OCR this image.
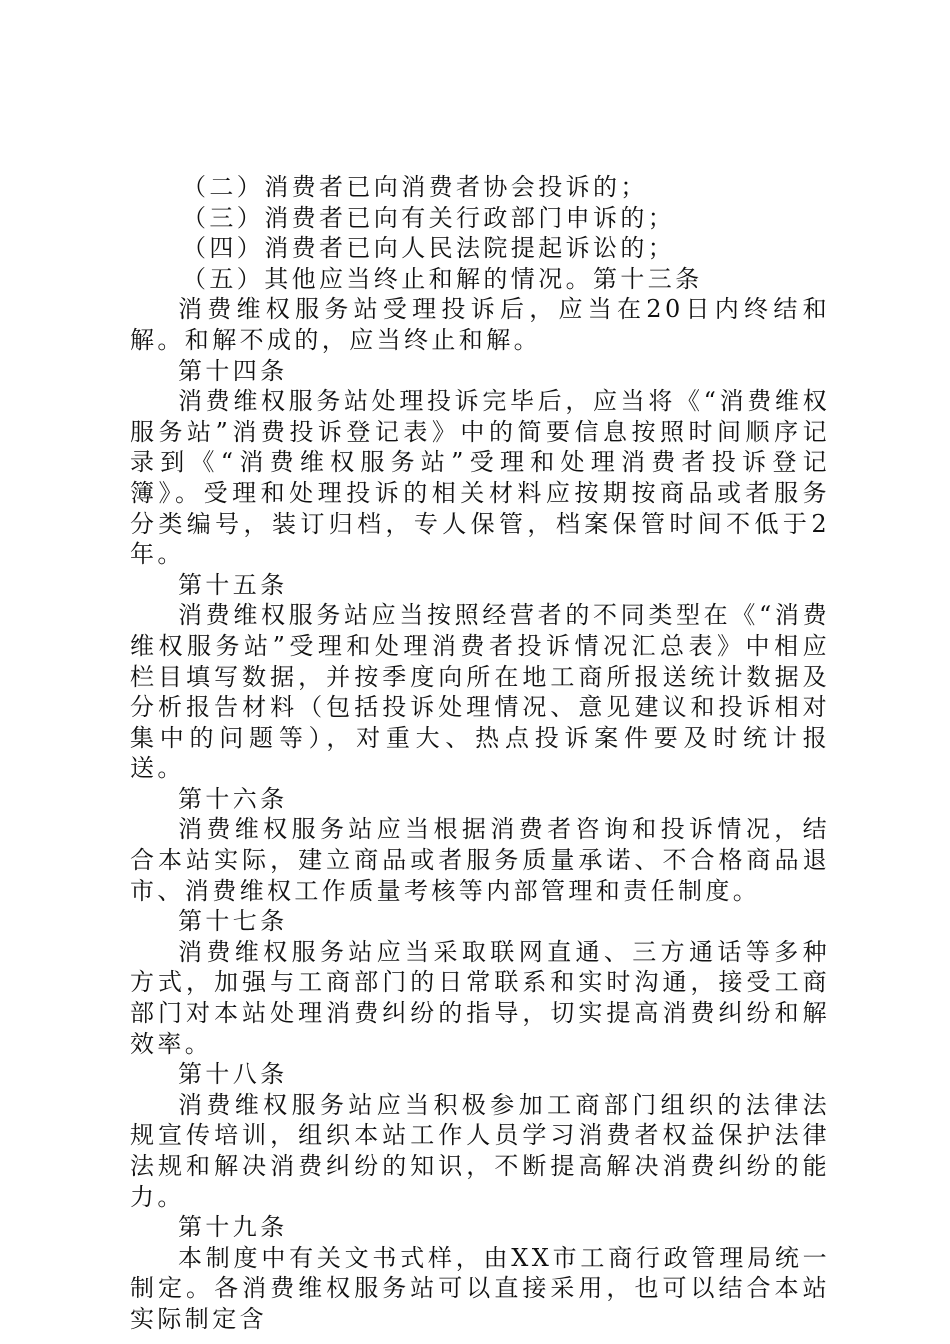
（二）消费者已向消费者协会投诉的；

（三）消费者已向有关行政部门申诉的；

（四）消费者已向人民法院提起诉讼的；

（五）其他应当终止和解的情况。第十三条

消费维权服务站受理投诉后，应当在20日内终结和解。和解不成的，应当终止和解。

第十四条

消费维权服务站处理投诉完毕后，应当将《“消费维权服务站”消费投诉登记表》中的简要信息按照时间顺序记录到《“消费维权服务站”受理和处理消费者投诉登记簿》。受理和处理投诉的相关材料应按期按商品或者服务分类编号，装订归档，专人保管，档案保管时间不低于2年。

第十五条

消费维权服务站应当按照经营者的不同类型在《“消费维权服务站”受理和处理消费者投诉情况汇总表》中相应栏目填写数据，并按季度向所在地工商所报送统计数据及分析报告材料（包括投诉处理情况、意见建议和投诉相对集中的问题等），对重大、热点投诉案件要及时统计报送。

第十六条

消费维权服务站应当根据消费者咨询和投诉情况，结合本站实际，建立商品或者服务质量承诺、不合格商品退市、消费维权工作质量考核等内部管理和责任制度。

第十七条

消费维权服务站应当采取联网直通、三方通话等多种方式，加强与工商部门的日常联系和实时沟通，接受工商部门对本站处理消费纠纷的指导，切实提高消费纠纷和解效率。

第十八条

消费维权服务站应当积极参加工商部门组织的法律法规宣传培训，组织本站工作人员学习消费者权益保护法律法规和解决消费纠纷的知识，不断提高解决消费纠纷的能力。

第十九条

本制度中有关文书式样，由XX市工商行政管理局统一制定。各消费维权服务站可以直接采用，也可以结合本站实际制定含
